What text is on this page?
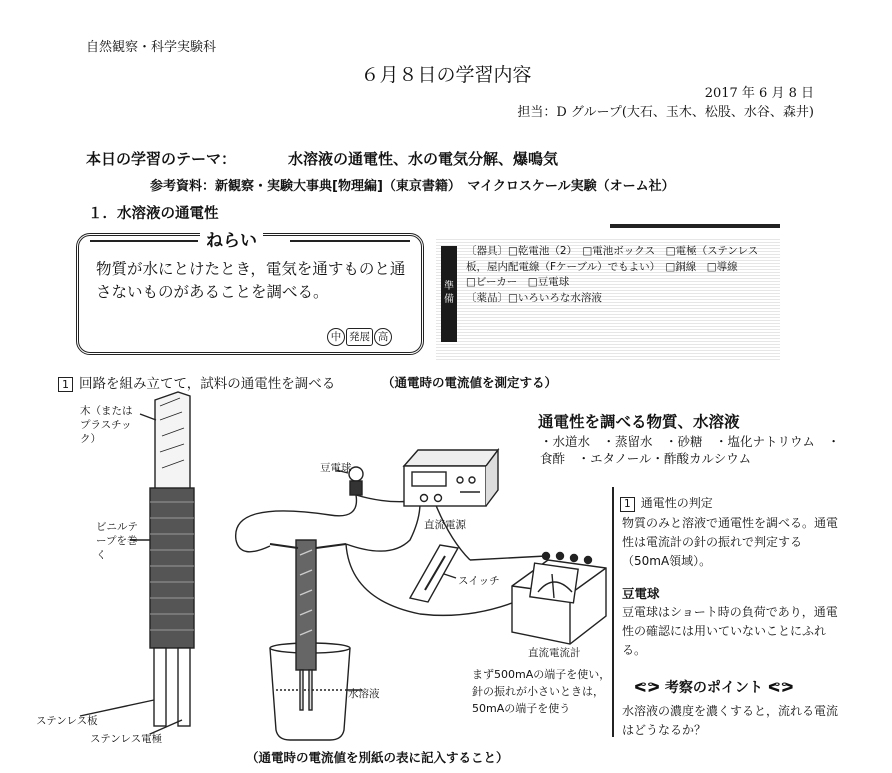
自然観察・科学実験科
６月８日の学習内容
2017 年 6 月 8 日
担当：D グループ(大石、玉木、松股、水谷、森井)
本日の学習のテーマ：	水溶液の通電性、水の電気分解、爆鳴気
参考資料：新観察・実験大事典[物理編]（東京書籍）　マイクロスケール実験（オーム社）
１．水溶液の通電性
ねらい
物質が水にとけたとき，電気を通すものと通さないものがあることを調べる。
中 発展 高
準備
〔器具〕□乾電池（2）　□電池ボックス　□電極（ステンレス板，屋内配電線（Fケーブル）でもよい）　□銅線　□導線
□ビーカー　□豆電球
〔薬品〕□いろいろな水溶液
1 回路を組み立てて，試料の通電性を調べる	（通電時の電流値を測定する）
通電性を調べる物質、水溶液
・水道水　・蒸留水　・砂糖　・塩化ナトリウム　・食酢　・エタノール・酢酸カルシウム
木（またはプラスチック）
ビニルテープを巻く
ステンレス板
ステンレス電極
豆電球
スイッチ
直流電源
水溶液
直流電流計
まず500mAの端子を使い，針の振れが小さいときは，50mAの端子を使う
1 通電性の判定
物質のみと溶液で通電性を調べる。通電性は電流計の針の振れで判定する（50mA領域）。
豆電球
豆電球はショート時の負荷であり，通電性の確認には用いていないことにふれる。
ᕙᕗ 考察のポイント ᕙᕗ
水溶液の濃度を濃くすると，流れる電流はどうなるか？
（通電時の電流値を別紙の表に記入すること）
